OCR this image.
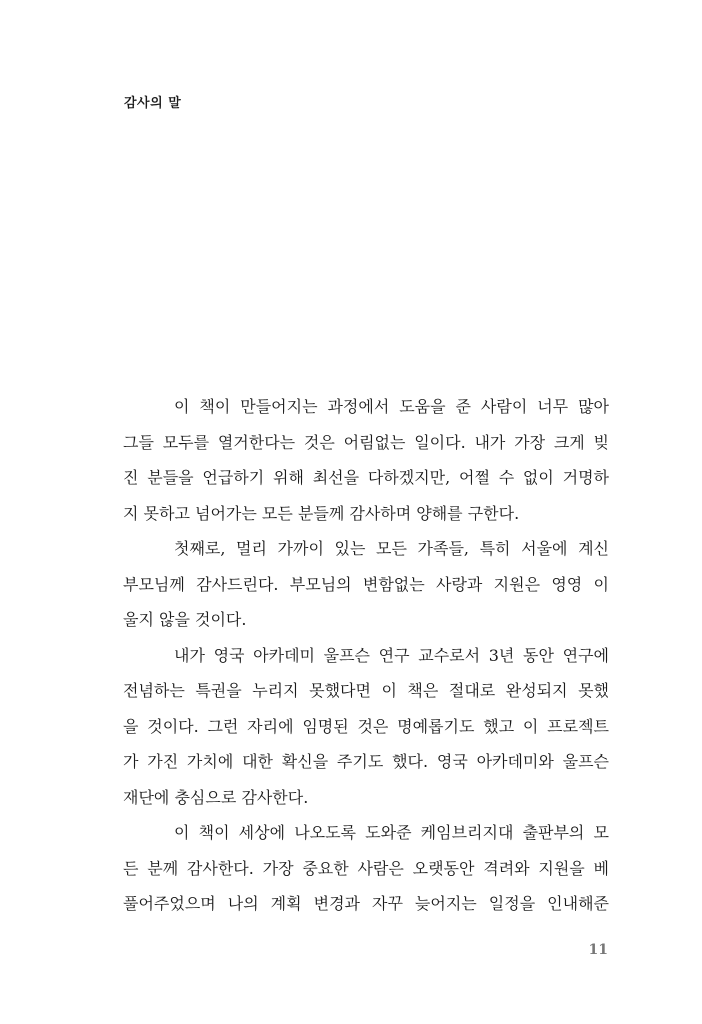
감사의 말
이 책이 만들어지는 과정에서 도움을 준 사람이 너무 많아
그들 모두를 열거한다는 것은 어림없는 일이다. 내가 가장 크게 빚
진 분들을 언급하기 위해 최선을 다하겠지만, 어쩔 수 없이 거명하
지 못하고 넘어가는 모든 분들께 감사하며 양해를 구한다.
첫째로, 멀리 가까이 있는 모든 가족들, 특히 서울에 계신
부모님께 감사드린다. 부모님의 변함없는 사랑과 지원은 영영 이
울지 않을 것이다.
내가 영국 아카데미 울프슨 연구 교수로서 3년 동안 연구에
전념하는 특권을 누리지 못했다면 이 책은 절대로 완성되지 못했
을 것이다. 그런 자리에 임명된 것은 명예롭기도 했고 이 프로젝트
가 가진 가치에 대한 확신을 주기도 했다. 영국 아카데미와 울프슨
재단에 충심으로 감사한다.
이 책이 세상에 나오도록 도와준 케임브리지대 출판부의 모
든 분께 감사한다. 가장 중요한 사람은 오랫동안 격려와 지원을 베
풀어주었으며 나의 계획 변경과 자꾸 늦어지는 일정을 인내해준
11
